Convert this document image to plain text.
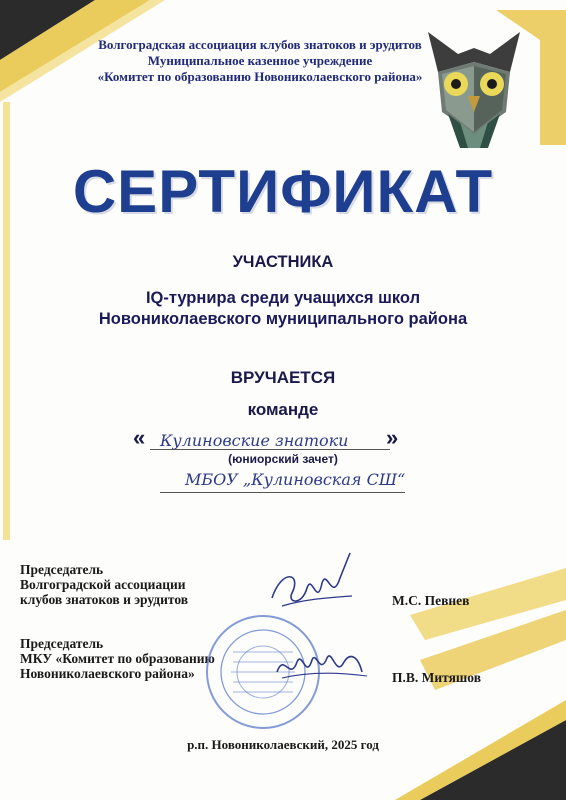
Волгоградская ассоциация клубов знатоков и эрудитов
Муниципальное казенное учреждение
«Комитет по образованию Новониколаевского района»
СЕРТИФИКАТ
УЧАСТНИКА
IQ-турнира среди учащихся школ
Новониколаевского муниципального района
ВРУЧАЕТСЯ
команде
« Кулиновские знатоки »
(юниорский зачет)
МБОУ „Кулиновская СШ“
Председатель
Волгоградской ассоциации
клубов знатоков и эрудитов	М.С. Певнев
Председатель
МКУ «Комитет по образованию
Новониколаевского района»	П.В. Митяшов
р.п. Новониколаевский, 2025 год
